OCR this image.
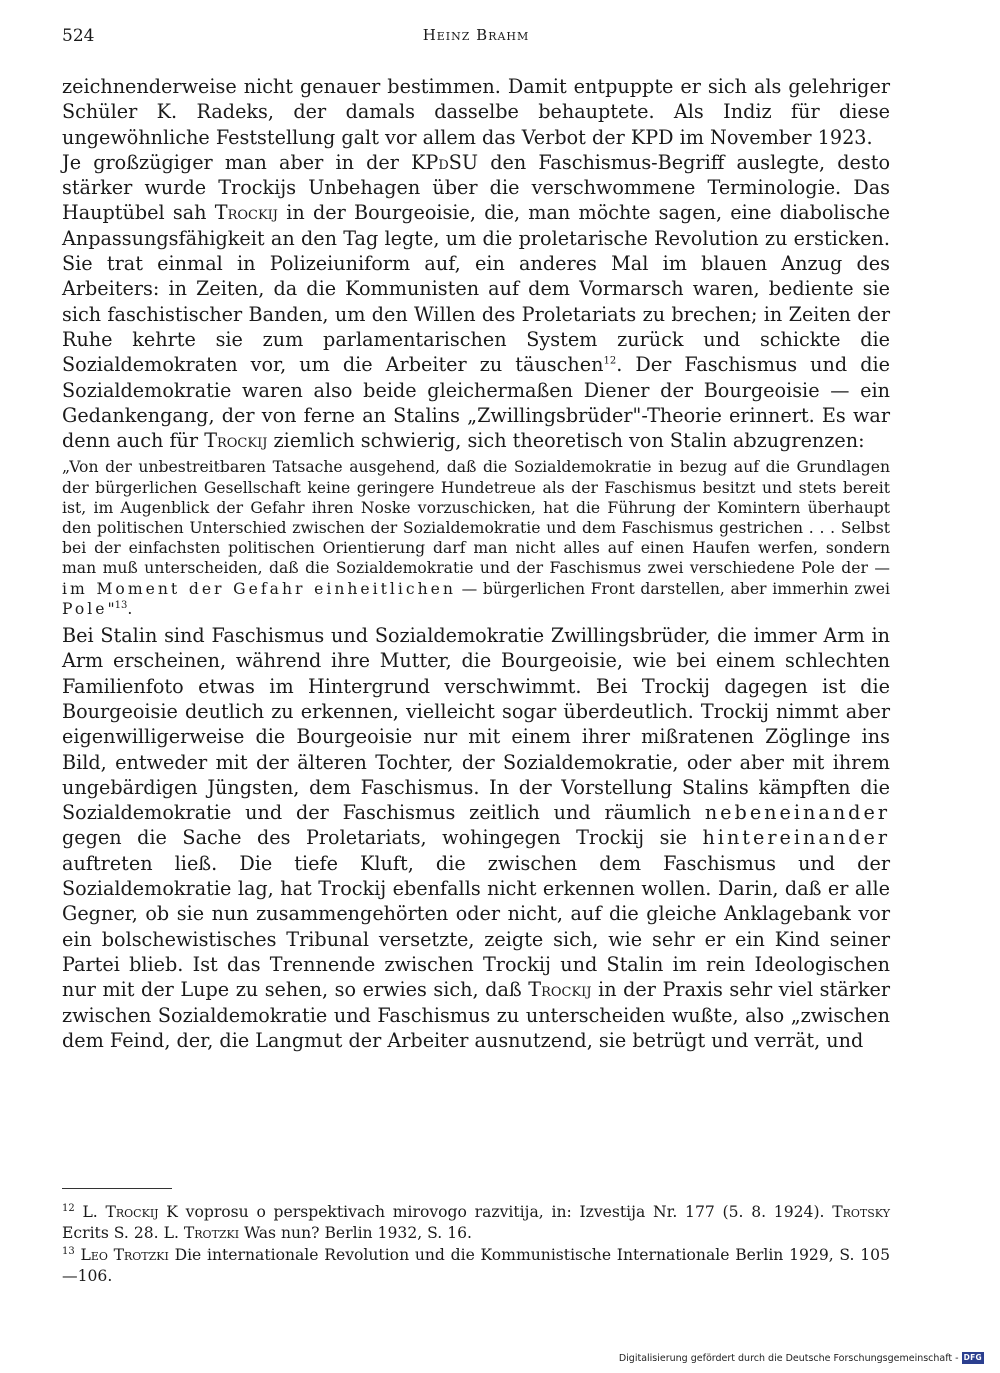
524	Heinz Brahm

zeichnenderweise nicht genauer bestimmen. Damit entpuppte er sich als gelehriger Schüler K. Radeks, der damals dasselbe behauptete. Als Indiz für diese ungewöhnliche Feststellung galt vor allem das Verbot der KPD im November 1923.

Je großzügiger man aber in der KPdSU den Faschismus-Begriff auslegte, desto stärker wurde Trockijs Unbehagen über die verschwommene Terminologie. Das Hauptübel sah Trockij in der Bourgeoisie, die, man möchte sagen, eine diabolische Anpassungsfähigkeit an den Tag legte, um die proletarische Revolution zu ersticken. Sie trat einmal in Polizeiuniform auf, ein anderes Mal im blauen Anzug des Arbeiters: in Zeiten, da die Kommunisten auf dem Vormarsch waren, bediente sie sich faschistischer Banden, um den Willen des Proletariats zu brechen; in Zeiten der Ruhe kehrte sie zum parlamentarischen System zurück und schickte die Sozialdemokraten vor, um die Arbeiter zu täuschen$^{12}$. Der Faschismus und die Sozialdemokratie waren also beide gleichermaßen Diener der Bourgeoisie — ein Gedankengang, der von ferne an Stalins „Zwillingsbrüder"-Theorie erinnert. Es war denn auch für Trockij ziemlich schwierig, sich theoretisch von Stalin abzugrenzen:

„Von der unbestreitbaren Tatsache ausgehend, daß die Sozialdemokratie in bezug auf die Grundlagen der bürgerlichen Gesellschaft keine geringere Hundetreue als der Faschismus besitzt und stets bereit ist, im Augenblick der Gefahr ihren Noske vorzuschicken, hat die Führung der Komintern überhaupt den politischen Unterschied zwischen der Sozialdemokratie und dem Faschismus gestrichen . . . Selbst bei der einfachsten politischen Orientierung darf man nicht alles auf einen Haufen werfen, sondern man muß unterscheiden, daß die Sozialdemokratie und der Faschismus zwei verschiedene Pole der — im Moment der Gefahr einheitlichen — bürgerlichen Front darstellen, aber immerhin zwei Pole"$^{13}$.

Bei Stalin sind Faschismus und Sozialdemokratie Zwillingsbrüder, die immer Arm in Arm erscheinen, während ihre Mutter, die Bourgeoisie, wie bei einem schlechten Familienfoto etwas im Hintergrund verschwimmt. Bei Trockij dagegen ist die Bourgeoisie deutlich zu erkennen, vielleicht sogar überdeutlich. Trockij nimmt aber eigenwilligerweise die Bourgeoisie nur mit einem ihrer mißratenen Zöglinge ins Bild, entweder mit der älteren Tochter, der Sozialdemokratie, oder aber mit ihrem ungebärdigen Jüngsten, dem Faschismus. In der Vorstellung Stalins kämpften die Sozialdemokratie und der Faschismus zeitlich und räumlich nebeneinander gegen die Sache des Proletariats, wohingegen Trockij sie hintereinander auftreten ließ. Die tiefe Kluft, die zwischen dem Faschismus und der Sozialdemokratie lag, hat Trockij ebenfalls nicht erkennen wollen. Darin, daß er alle Gegner, ob sie nun zusammengehörten oder nicht, auf die gleiche Anklagebank vor ein bolschewistisches Tribunal versetzte, zeigte sich, wie sehr er ein Kind seiner Partei blieb. Ist das Trennende zwischen Trockij und Stalin im rein Ideologischen nur mit der Lupe zu sehen, so erwies sich, daß Trockij in der Praxis sehr viel stärker zwischen Sozialdemokratie und Faschismus zu unterscheiden wußte, also „zwischen dem Feind, der, die Langmut der Arbeiter ausnutzend, sie betrügt und verrät, und

$^{12}$ L. Trockij K voprosu o perspektivach mirovogo razvitija, in: Izvestija Nr. 177 (5. 8. 1924). Trotsky Ecrits S. 28. L. Trotzki Was nun? Berlin 1932, S. 16.

$^{13}$ Leo Trotzki Die internationale Revolution und die Kommunistische Internationale Berlin 1929, S. 105—106.

Digitalisierung gefördert durch die Deutsche Forschungsgemeinschaft - DFG
